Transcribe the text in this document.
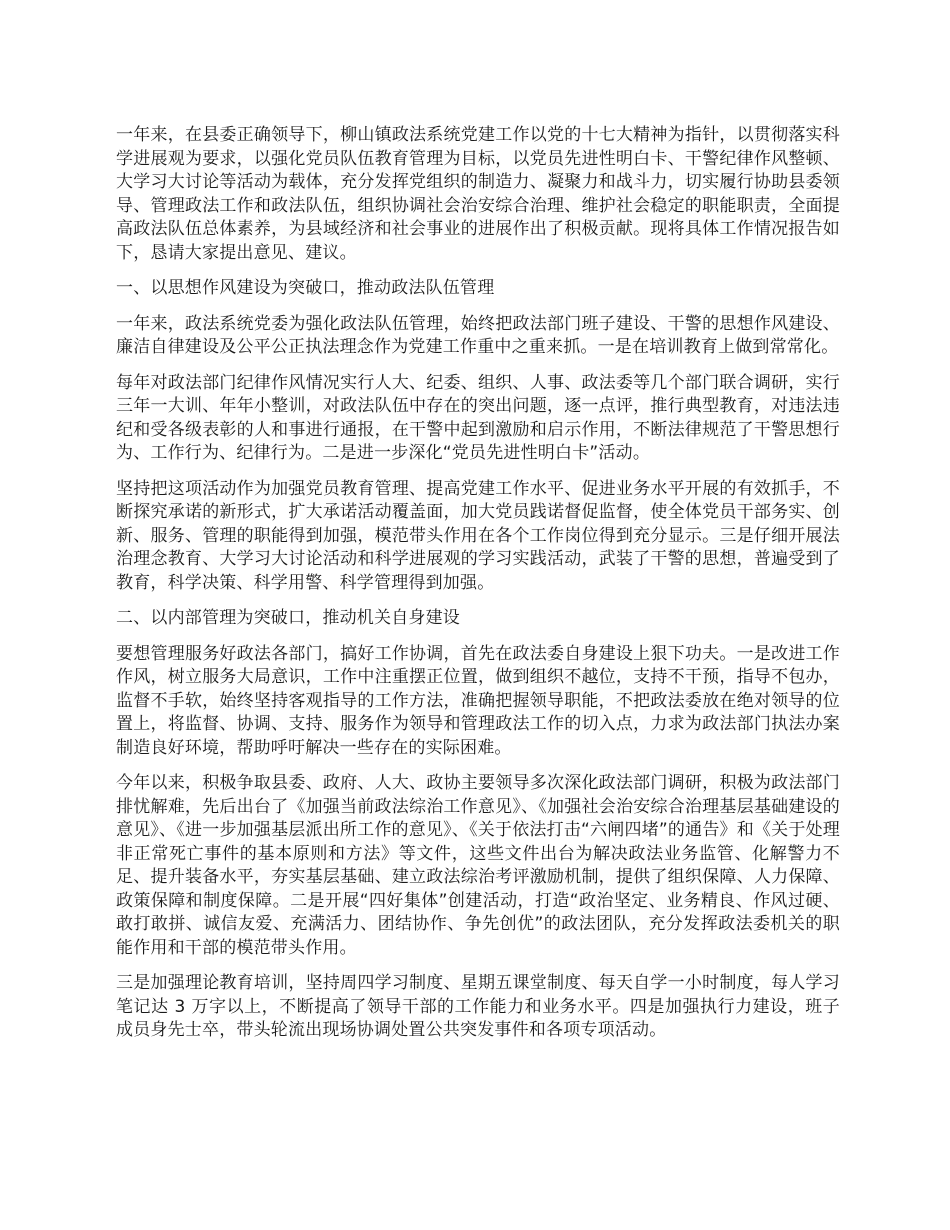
一年来，在县委正确领导下，柳山镇政法系统党建工作以党的十七大精神为指针，以贯彻落实科学进展观为要求，以强化党员队伍教育管理为目标，以党员先进性明白卡、干警纪律作风整顿、大学习大讨论等活动为载体，充分发挥党组织的制造力、凝聚力和战斗力，切实履行协助县委领导、管理政法工作和政法队伍，组织协调社会治安综合治理、维护社会稳定的职能职责，全面提高政法队伍总体素养，为县域经济和社会事业的进展作出了积极贡献。现将具体工作情况报告如下，恳请大家提出意见、建议。

一、以思想作风建设为突破口，推动政法队伍管理

一年来，政法系统党委为强化政法队伍管理，始终把政法部门班子建设、干警的思想作风建设、廉洁自律建设及公平公正执法理念作为党建工作重中之重来抓。一是在培训教育上做到常常化。

每年对政法部门纪律作风情况实行人大、纪委、组织、人事、政法委等几个部门联合调研，实行三年一大训、年年小整训，对政法队伍中存在的突出问题，逐一点评，推行典型教育，对违法违纪和受各级表彰的人和事进行通报，在干警中起到激励和启示作用，不断法律规范了干警思想行为、工作行为、纪律行为。二是进一步深化“党员先进性明白卡”活动。

坚持把这项活动作为加强党员教育管理、提高党建工作水平、促进业务水平开展的有效抓手，不断探究承诺的新形式，扩大承诺活动覆盖面，加大党员践诺督促监督，使全体党员干部务实、创新、服务、管理的职能得到加强，模范带头作用在各个工作岗位得到充分显示。三是仔细开展法治理念教育、大学习大讨论活动和科学进展观的学习实践活动，武装了干警的思想，普遍受到了教育，科学决策、科学用警、科学管理得到加强。

二、以内部管理为突破口，推动机关自身建设

要想管理服务好政法各部门，搞好工作协调，首先在政法委自身建设上狠下功夫。一是改进工作作风，树立服务大局意识，工作中注重摆正位置，做到组织不越位，支持不干预，指导不包办，监督不手软，始终坚持客观指导的工作方法，准确把握领导职能，不把政法委放在绝对领导的位置上，将监督、协调、支持、服务作为领导和管理政法工作的切入点，力求为政法部门执法办案制造良好环境，帮助呼吁解决一些存在的实际困难。

今年以来，积极争取县委、政府、人大、政协主要领导多次深化政法部门调研，积极为政法部门排忧解难，先后出台了《加强当前政法综治工作意见》、《加强社会治安综合治理基层基础建设的意见》、《进一步加强基层派出所工作的意见》、《关于依法打击“六闸四堵”的通告》和《关于处理非正常死亡事件的基本原则和方法》等文件，这些文件出台为解决政法业务监管、化解警力不足、提升装备水平，夯实基层基础、建立政法综治考评激励机制，提供了组织保障、人力保障、政策保障和制度保障。二是开展“四好集体”创建活动，打造“政治坚定、业务精良、作风过硬、敢打敢拼、诚信友爱、充满活力、团结协作、争先创优”的政法团队，充分发挥政法委机关的职能作用和干部的模范带头作用。

三是加强理论教育培训，坚持周四学习制度、星期五课堂制度、每天自学一小时制度，每人学习笔记达 3 万字以上，不断提高了领导干部的工作能力和业务水平。四是加强执行力建设，班子成员身先士卒，带头轮流出现场协调处置公共突发事件和各项专项活动。
